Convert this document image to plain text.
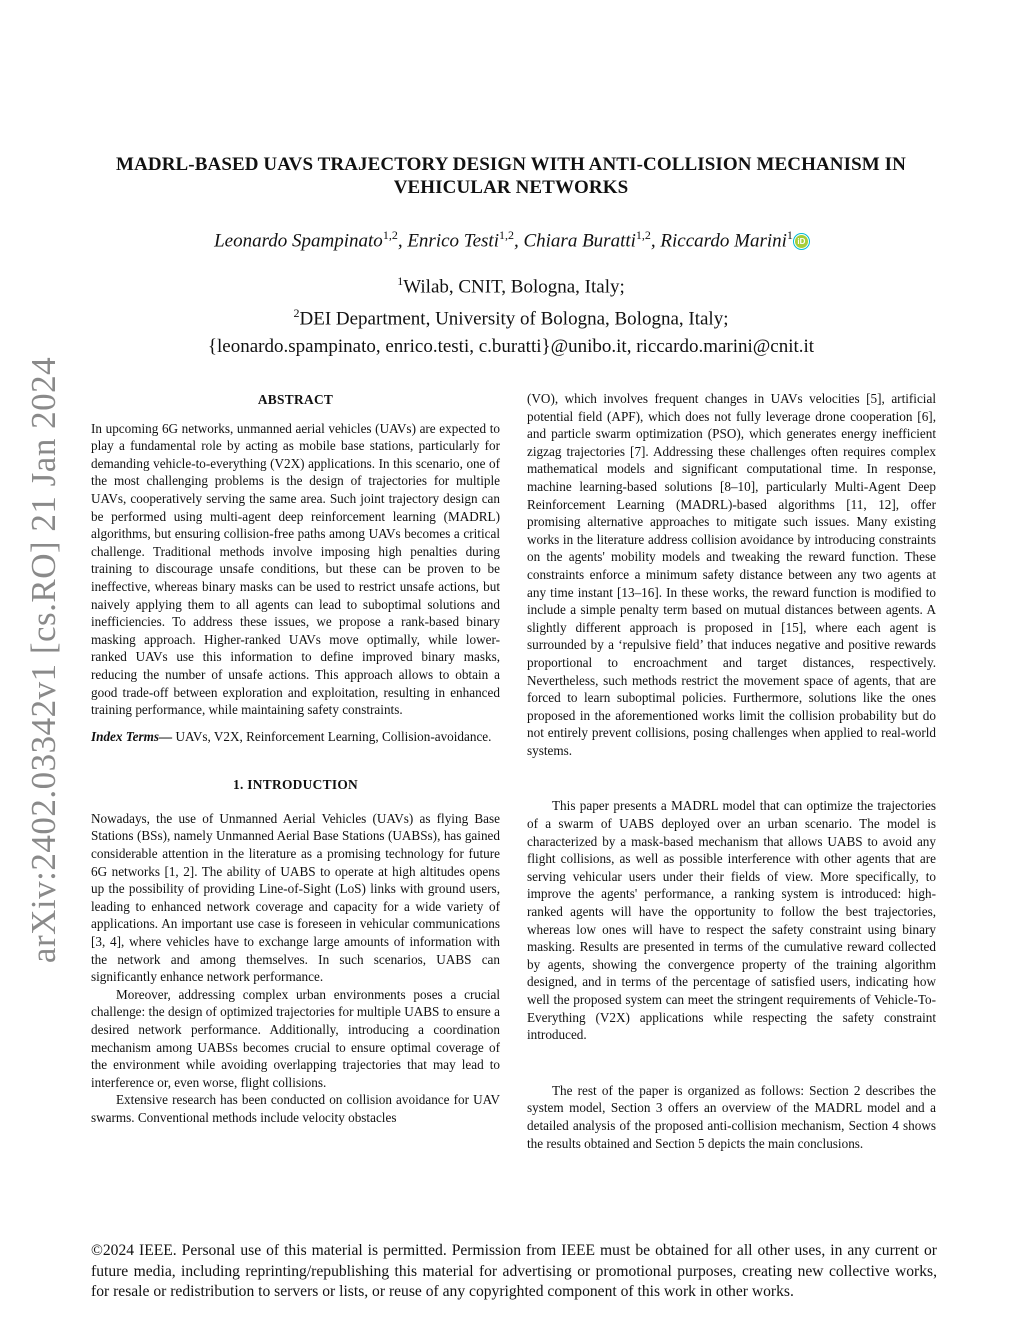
arXiv:2402.03342v1 [cs.RO] 21 Jan 2024
MADRL-BASED UAVS TRAJECTORY DESIGN WITH ANTI-COLLISION MECHANISM IN
VEHICULAR NETWORKS
Leonardo Spampinato$^{1,2}$, Enrico Testi$^{1,2}$, Chiara Buratti$^{1,2}$, Riccardo Marini$^1$ iD
$^1$Wilab, CNIT, Bologna, Italy;
$^2$DEI Department, University of Bologna, Bologna, Italy;
{leonardo.spampinato, enrico.testi, c.buratti}@unibo.it, riccardo.marini@cnit.it
ABSTRACT

In upcoming 6G networks, unmanned aerial vehicles (UAVs) are expected to play a fundamental role by acting as mobile base stations, particularly for demanding vehicle-to-everything (V2X) applications. In this scenario, one of the most challenging problems is the design of trajectories for multiple UAVs, cooperatively serving the same area. Such joint trajectory design can be performed using multi-agent deep reinforcement learning (MADRL) algorithms, but ensuring collision-free paths among UAVs becomes a critical challenge. Traditional methods involve imposing high penalties during training to discourage unsafe conditions, but these can be proven to be ineffective, whereas binary masks can be used to restrict unsafe actions, but naively applying them to all agents can lead to suboptimal solutions and inefficiencies. To address these issues, we propose a rank-based binary masking approach. Higher-ranked UAVs move optimally, while lower-ranked UAVs use this information to define improved binary masks, reducing the number of unsafe actions. This approach allows to obtain a good trade-off between exploration and exploitation, resulting in enhanced training performance, while maintaining safety constraints.

Index Terms— UAVs, V2X, Reinforcement Learning, Collision-avoidance.

1. INTRODUCTION

Nowadays, the use of Unmanned Aerial Vehicles (UAVs) as flying Base Stations (BSs), namely Unmanned Aerial Base Stations (UABSs), has gained considerable attention in the literature as a promising technology for future 6G networks [1, 2]. The ability of UABS to operate at high altitudes opens up the possibility of providing Line-of-Sight (LoS) links with ground users, leading to enhanced network coverage and capacity for a wide variety of applications. An important use case is foreseen in vehicular communications [3, 4], where vehicles have to exchange large amounts of information with the network and among themselves. In such scenarios, UABS can significantly enhance network performance.

Moreover, addressing complex urban environments poses a crucial challenge: the design of optimized trajectories for multiple UABS to ensure a desired network performance. Additionally, introducing a coordination mechanism among UABSs becomes crucial to ensure optimal coverage of the environment while avoiding overlapping trajectories that may lead to interference or, even worse, flight collisions.

Extensive research has been conducted on collision avoidance for UAV swarms. Conventional methods include velocity obstacles

(VO), which involves frequent changes in UAVs velocities [5], artificial potential field (APF), which does not fully leverage drone cooperation [6], and particle swarm optimization (PSO), which generates energy inefficient zigzag trajectories [7]. Addressing these challenges often requires complex mathematical models and significant computational time. In response, machine learning-based solutions [8–10], particularly Multi-Agent Deep Reinforcement Learning (MADRL)-based algorithms [11, 12], offer promising alternative approaches to mitigate such issues. Many existing works in the literature address collision avoidance by introducing constraints on the agents' mobility models and tweaking the reward function. These constraints enforce a minimum safety distance between any two agents at any time instant [13–16]. In these works, the reward function is modified to include a simple penalty term based on mutual distances between agents. A slightly different approach is proposed in [15], where each agent is surrounded by a ‘repulsive field’ that induces negative and positive rewards proportional to encroachment and target distances, respectively. Nevertheless, such methods restrict the movement space of agents, that are forced to learn suboptimal policies. Furthermore, solutions like the ones proposed in the aforementioned works limit the collision probability but do not entirely prevent collisions, posing challenges when applied to real-world systems.

This paper presents a MADRL model that can optimize the trajectories of a swarm of UABS deployed over an urban scenario. The model is characterized by a mask-based mechanism that allows UABS to avoid any flight collisions, as well as possible interference with other agents that are serving vehicular users under their fields of view. More specifically, to improve the agents' performance, a ranking system is introduced: high-ranked agents will have the opportunity to follow the best trajectories, whereas low ones will have to respect the safety constraint using binary masking. Results are presented in terms of the cumulative reward collected by agents, showing the convergence property of the training algorithm designed, and in terms of the percentage of satisfied users, indicating how well the proposed system can meet the stringent requirements of Vehicle-To-Everything (V2X) applications while respecting the safety constraint introduced.

The rest of the paper is organized as follows: Section 2 describes the system model, Section 3 offers an overview of the MADRL model and a detailed analysis of the proposed anti-collision mechanism, Section 4 shows the results obtained and Section 5 depicts the main conclusions.

©2024 IEEE. Personal use of this material is permitted. Permission from IEEE must be obtained for all other uses, in any current or future media, including reprinting/republishing this material for advertising or promotional purposes, creating new collective works, for resale or redistribution to servers or lists, or reuse of any copyrighted component of this work in other works.
